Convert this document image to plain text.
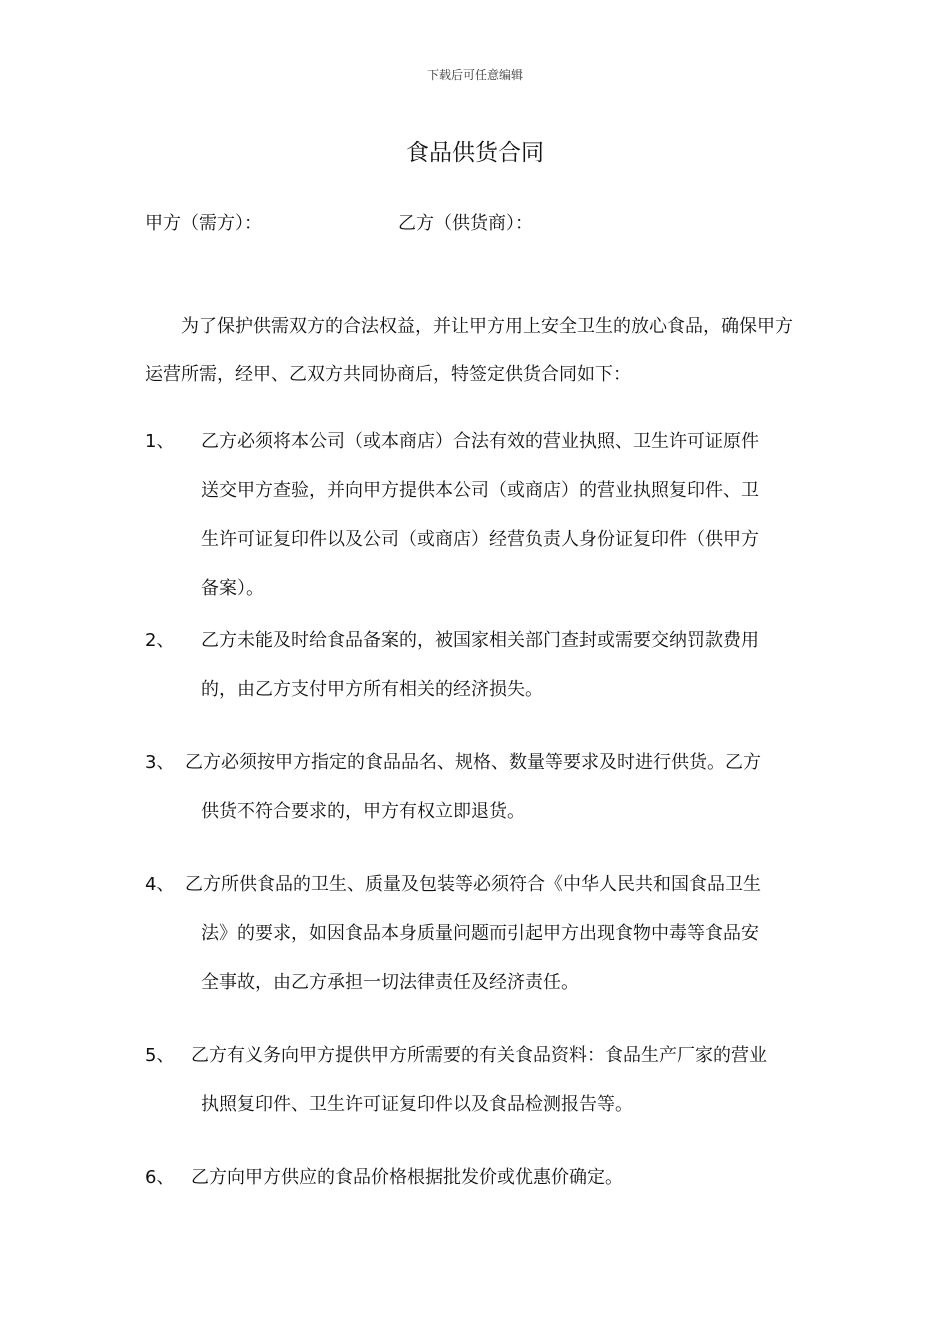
下载后可任意编辑
食品供货合同
甲方（需方）：	乙方（供货商）：
为了保护供需双方的合法权益，并让甲方用上安全卫生的放心食品，确保甲方运营所需，经甲、乙双方共同协商后，特签定供货合同如下：
1、 乙方必须将本公司（或本商店）合法有效的营业执照、卫生许可证原件
送交甲方查验，并向甲方提供本公司（或商店）的营业执照复印件、卫
生许可证复印件以及公司（或商店）经营负责人身份证复印件（供甲方
备案）。
2、 乙方未能及时给食品备案的，被国家相关部门查封或需要交纳罚款费用
的，由乙方支付甲方所有相关的经济损失。
3、 乙方必须按甲方指定的食品品名、规格、数量等要求及时进行供货。乙方
供货不符合要求的，甲方有权立即退货。
4、 乙方所供食品的卫生、质量及包装等必须符合《中华人民共和国食品卫生
法》的要求，如因食品本身质量问题而引起甲方出现食物中毒等食品安
全事故，由乙方承担一切法律责任及经济责任。
5、 乙方有义务向甲方提供甲方所需要的有关食品资料：食品生产厂家的营业
执照复印件、卫生许可证复印件以及食品检测报告等。
6、 乙方向甲方供应的食品价格根据批发价或优惠价确定。
